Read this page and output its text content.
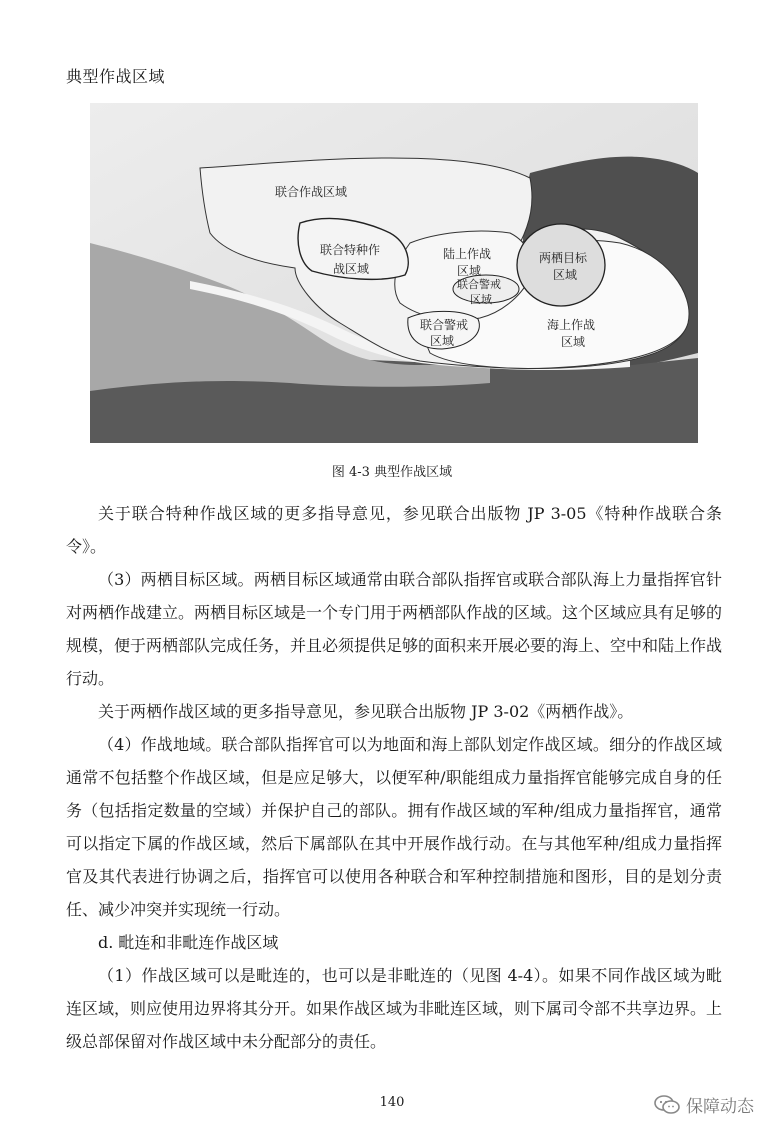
典型作战区域
联合作战区域
联合特种作
战区域
陆上作战
区域
联合警戒
区域
两栖目标
区域
海上作战
区域
联合警戒
区域
图 4-3 典型作战区域

关于联合特种作战区域的更多指导意见，参见联合出版物 JP 3-05《特种作战联合条令》。

（3）两栖目标区域。两栖目标区域通常由联合部队指挥官或联合部队海上力量指挥官针对两栖作战建立。两栖目标区域是一个专门用于两栖部队作战的区域。这个区域应具有足够的规模，便于两栖部队完成任务，并且必须提供足够的面积来开展必要的海上、空中和陆上作战行动。

关于两栖作战区域的更多指导意见，参见联合出版物 JP 3-02《两栖作战》。

（4）作战地域。联合部队指挥官可以为地面和海上部队划定作战区域。细分的作战区域通常不包括整个作战区域，但是应足够大，以便军种/职能组成力量指挥官能够完成自身的任务（包括指定数量的空域）并保护自己的部队。拥有作战区域的军种/组成力量指挥官，通常可以指定下属的作战区域，然后下属部队在其中开展作战行动。在与其他军种/组成力量指挥官及其代表进行协调之后，指挥官可以使用各种联合和军种控制措施和图形，目的是划分责任、减少冲突并实现统一行动。

d. 毗连和非毗连作战区域

（1）作战区域可以是毗连的，也可以是非毗连的（见图 4-4）。如果不同作战区域为毗连区域，则应使用边界将其分开。如果作战区域为非毗连区域，则下属司令部不共享边界。上级总部保留对作战区域中未分配部分的责任。

140	保障动态
